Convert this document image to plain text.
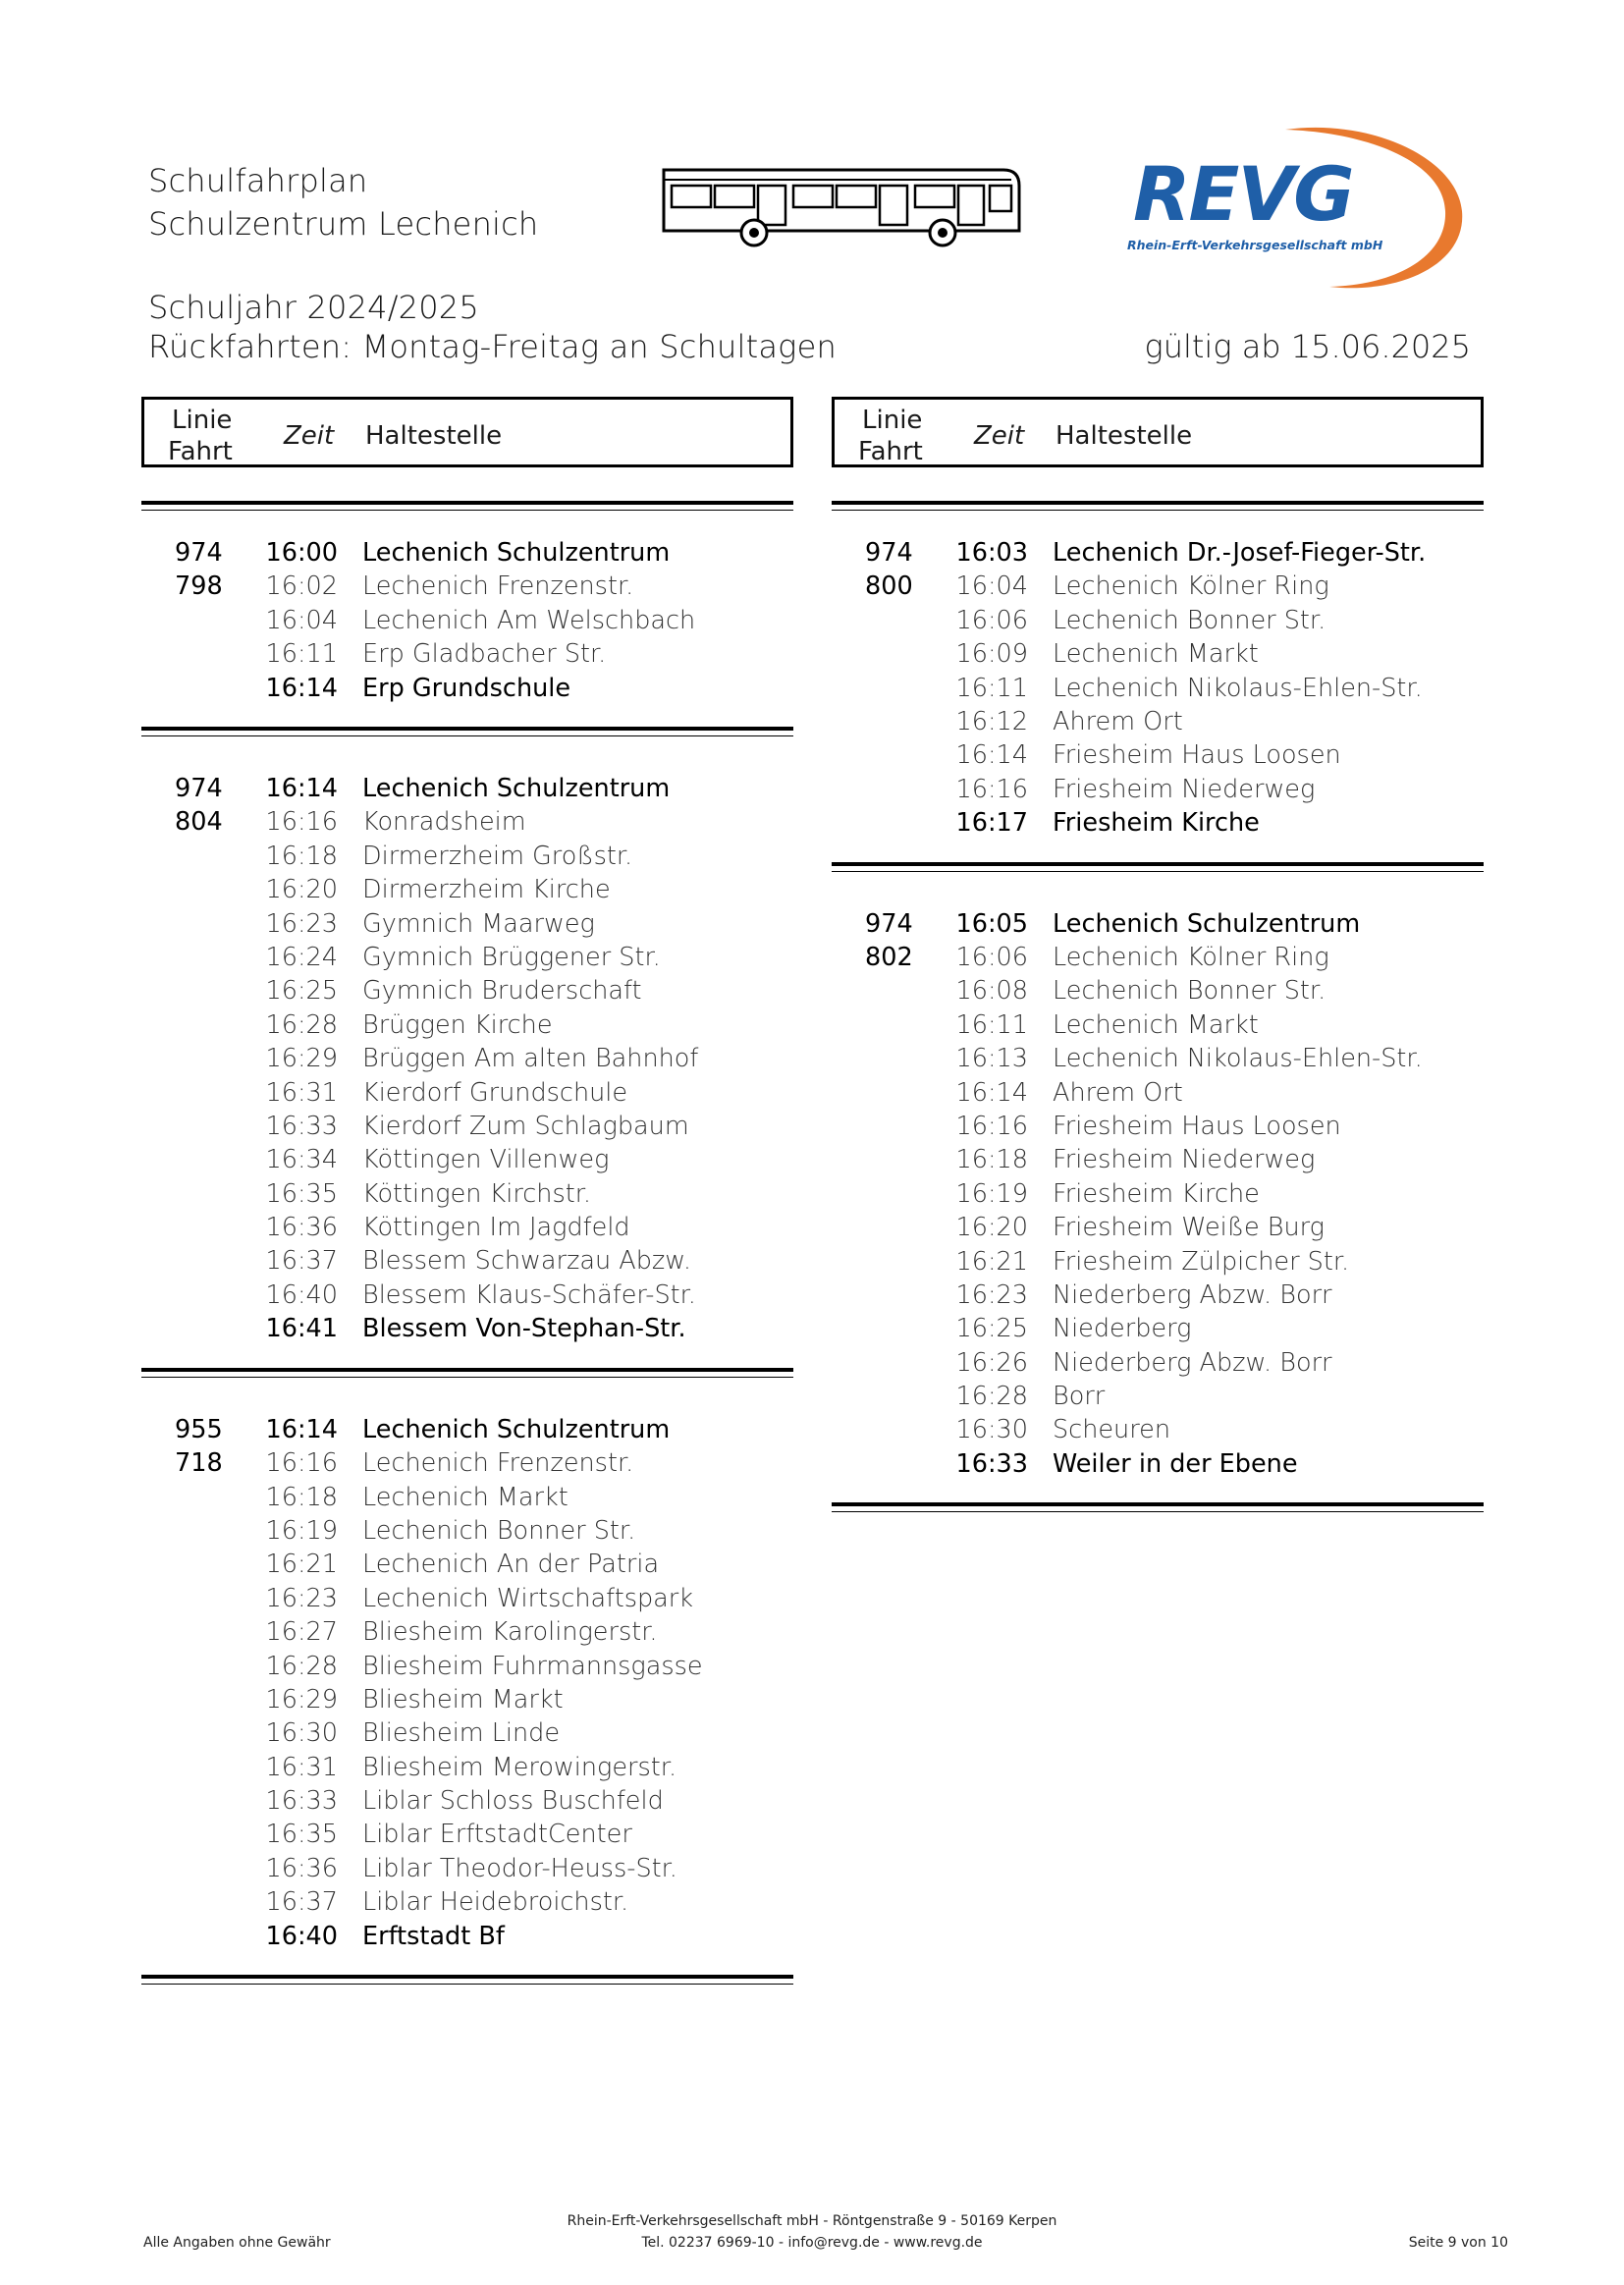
Schulfahrplan
Schulzentrum Lechenich
Schuljahr 2024/2025
Rückfahrten: Montag-Freitag an Schultagen	gültig ab 15.06.2025
REVG
Rhein-Erft-Verkehrsgesellschaft mbH
Linie
Fahrt
Zeit Haltestelle
974
798
16:00 Lechenich Schulzentrum
16:02 Lechenich Frenzenstr.
16:04 Lechenich Am Welschbach
16:11 Erp Gladbacher Str.
16:14 Erp Grundschule
974
804
16:14 Lechenich Schulzentrum
16:16 Konradsheim
16:18 Dirmerzheim Großstr.
16:20 Dirmerzheim Kirche
16:23 Gymnich Maarweg
16:24 Gymnich Brüggener Str.
16:25 Gymnich Bruderschaft
16:28 Brüggen Kirche
16:29 Brüggen Am alten Bahnhof
16:31 Kierdorf Grundschule
16:33 Kierdorf Zum Schlagbaum
16:34 Köttingen Villenweg
16:35 Köttingen Kirchstr.
16:36 Köttingen Im Jagdfeld
16:37 Blessem Schwarzau Abzw.
16:40 Blessem Klaus-Schäfer-Str.
16:41 Blessem Von-Stephan-Str.
955
718
16:14 Lechenich Schulzentrum
16:16 Lechenich Frenzenstr.
16:18 Lechenich Markt
16:19 Lechenich Bonner Str.
16:21 Lechenich An der Patria
16:23 Lechenich Wirtschaftspark
16:27 Bliesheim Karolingerstr.
16:28 Bliesheim Fuhrmannsgasse
16:29 Bliesheim Markt
16:30 Bliesheim Linde
16:31 Bliesheim Merowingerstr.
16:33 Liblar Schloss Buschfeld
16:35 Liblar ErftstadtCenter
16:36 Liblar Theodor-Heuss-Str.
16:37 Liblar Heidebroichstr.
16:40 Erftstadt Bf
Linie
Fahrt
Zeit Haltestelle
974
800
16:03 Lechenich Dr.-Josef-Fieger-Str.
16:04 Lechenich Kölner Ring
16:06 Lechenich Bonner Str.
16:09 Lechenich Markt
16:11 Lechenich Nikolaus-Ehlen-Str.
16:12 Ahrem Ort
16:14 Friesheim Haus Loosen
16:16 Friesheim Niederweg
16:17 Friesheim Kirche
974
802
16:05 Lechenich Schulzentrum
16:06 Lechenich Kölner Ring
16:08 Lechenich Bonner Str.
16:11 Lechenich Markt
16:13 Lechenich Nikolaus-Ehlen-Str.
16:14 Ahrem Ort
16:16 Friesheim Haus Loosen
16:18 Friesheim Niederweg
16:19 Friesheim Kirche
16:20 Friesheim Weiße Burg
16:21 Friesheim Zülpicher Str.
16:23 Niederberg Abzw. Borr
16:25 Niederberg
16:26 Niederberg Abzw. Borr
16:28 Borr
16:30 Scheuren
16:33 Weiler in der Ebene
Alle Angaben ohne Gewähr
Rhein-Erft-Verkehrsgesellschaft mbH - Röntgenstraße 9 - 50169 Kerpen
Tel. 02237 6969-10 - info@revg.de - www.revg.de	Seite 9 von 10
